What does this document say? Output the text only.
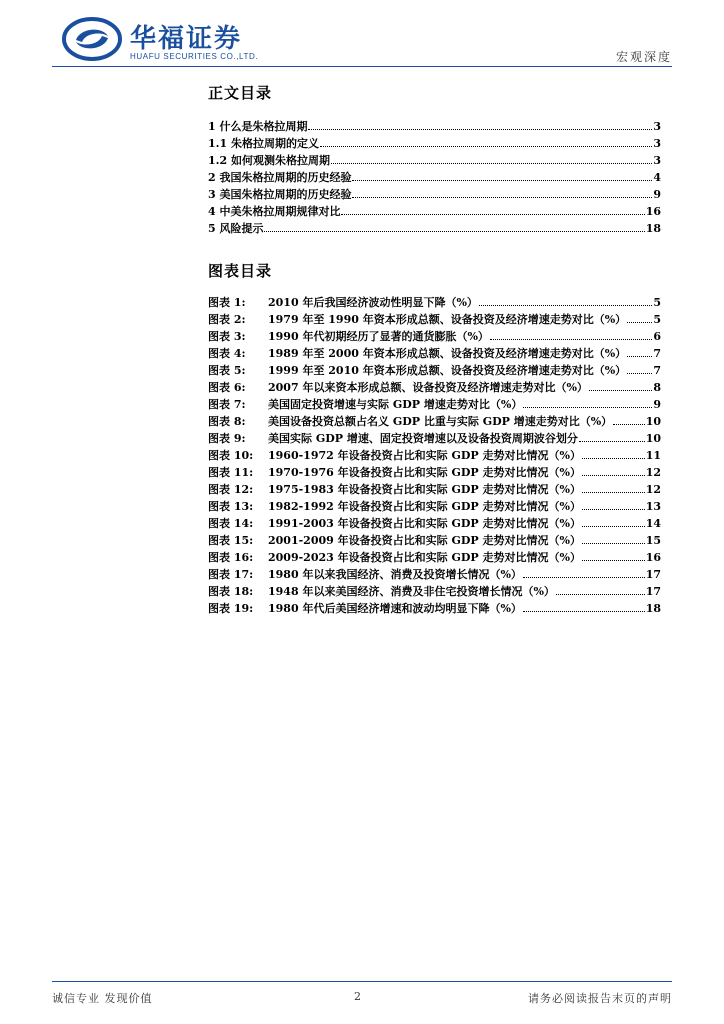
华福证券
HUAFU SECURITIES CO.,LTD.	宏观深度
正文目录
1 什么是朱格拉周期	3
1.1 朱格拉周期的定义	3
1.2 如何观测朱格拉周期	3
2 我国朱格拉周期的历史经验	4
3 美国朱格拉周期的历史经验	9
4 中美朱格拉周期规律对比	16
5 风险提示	18
图表目录
图表 1: 2010 年后我国经济波动性明显下降（%）	5
图表 2: 1979 年至 1990 年资本形成总额、设备投资及经济增速走势对比（%） 5
图表 3: 1990 年代初期经历了显著的通货膨胀（%）	6
图表 4: 1989 年至 2000 年资本形成总额、设备投资及经济增速走势对比（%） 7
图表 5: 1999 年至 2010 年资本形成总额、设备投资及经济增速走势对比（%） 7
图表 6: 2007 年以来资本形成总额、设备投资及经济增速走势对比（%）	8
图表 7: 美国固定投资增速与实际 GDP 增速走势对比（%）	9
图表 8: 美国设备投资总额占名义 GDP 比重与实际 GDP 增速走势对比（%）	10
图表 9: 美国实际 GDP 增速、固定投资增速以及设备投资周期波谷划分	10
图表 10: 1960-1972 年设备投资占比和实际 GDP 走势对比情况（%）	11
图表 11: 1970-1976 年设备投资占比和实际 GDP 走势对比情况（%）	12
图表 12: 1975-1983 年设备投资占比和实际 GDP 走势对比情况（%）	12
图表 13: 1982-1992 年设备投资占比和实际 GDP 走势对比情况（%）	13
图表 14: 1991-2003 年设备投资占比和实际 GDP 走势对比情况（%）	14
图表 15: 2001-2009 年设备投资占比和实际 GDP 走势对比情况（%）	15
图表 16: 2009-2023 年设备投资占比和实际 GDP 走势对比情况（%）	16
图表 17: 1980 年以来我国经济、消费及投资增长情况（%）	17
图表 18: 1948 年以来美国经济、消费及非住宅投资增长情况（%）	17
图表 19: 1980 年代后美国经济增速和波动均明显下降（%）	18
诚信专业 发现价值	2	请务必阅读报告末页的声明
